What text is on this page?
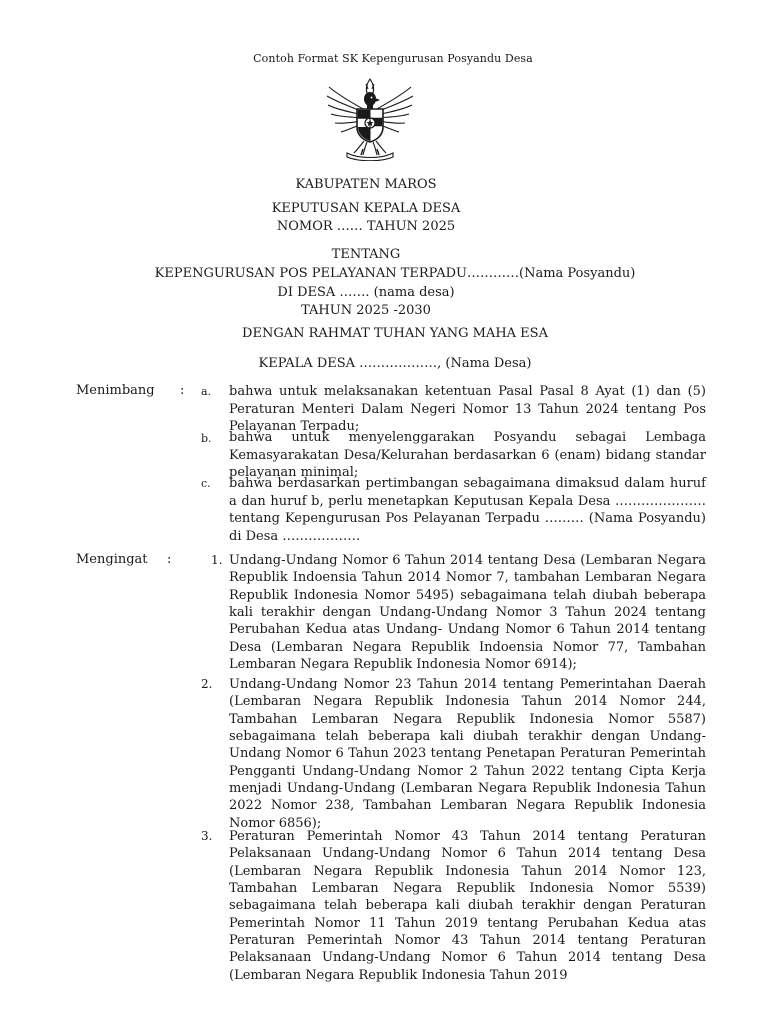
Contoh Format SK Kepengurusan Posyandu Desa
KABUPATEN MAROS
KEPUTUSAN KEPALA DESA
NOMOR …… TAHUN 2025
TENTANG
KEPENGURUSAN POS PELAYANAN TERPADU…………(Nama Posyandu)
DI DESA ……. (nama desa)
TAHUN 2025 -2030
DENGAN RAHMAT TUHAN YANG MAHA ESA
KEPALA DESA ………………, (Nama Desa)
Menimbang : a. bahwa untuk melaksanakan ketentuan Pasal Pasal 8 Ayat (1) dan (5) Peraturan Menteri Dalam Negeri Nomor 13 Tahun 2024 tentang Pos Pelayanan Terpadu;
b. bahwa untuk menyelenggarakan Posyandu sebagai Lembaga Kemasyarakatan Desa/Kelurahan berdasarkan 6 (enam) bidang standar pelayanan minimal;
c. bahwa berdasarkan pertimbangan sebagaimana dimaksud dalam huruf a dan huruf b, perlu menetapkan Keputusan Kepala Desa ………………… tentang Kepengurusan Pos Pelayanan Terpadu ……… (Nama Posyandu) di Desa ………………
Mengingat :	1. Undang-Undang Nomor 6 Tahun 2014 tentang Desa (Lembaran Negara Republik Indoensia Tahun 2014 Nomor 7, tambahan Lembaran Negara Republik Indonesia Nomor 5495) sebagaimana telah diubah beberapa kali terakhir dengan Undang-Undang Nomor 3 Tahun 2024 tentang Perubahan Kedua atas Undang- Undang Nomor 6 Tahun 2014 tentang Desa (Lembaran Negara Republik Indoensia Nomor 77, Tambahan Lembaran Negara Republik Indonesia Nomor 6914);
2. Undang-Undang Nomor 23 Tahun 2014 tentang Pemerintahan Daerah (Lembaran Negara Republik Indonesia Tahun 2014 Nomor 244, Tambahan Lembaran Negara Republik Indonesia Nomor 5587) sebagaimana telah beberapa kali diubah terakhir dengan Undang-Undang Nomor 6 Tahun 2023 tentang Penetapan Peraturan Pemerintah Pengganti Undang-Undang Nomor 2 Tahun 2022 tentang Cipta Kerja menjadi Undang-Undang (Lembaran Negara Republik Indonesia Tahun 2022 Nomor 238, Tambahan Lembaran Negara Republik Indonesia Nomor 6856);
3. Peraturan Pemerintah Nomor 43 Tahun 2014 tentang Peraturan Pelaksanaan Undang-Undang Nomor 6 Tahun 2014 tentang Desa (Lembaran Negara Republik Indonesia Tahun 2014 Nomor 123, Tambahan Lembaran Negara Republik Indonesia Nomor 5539) sebagaimana telah beberapa kali diubah terakhir dengan Peraturan Pemerintah Nomor 11 Tahun 2019 tentang Perubahan Kedua atas Peraturan Pemerintah Nomor 43 Tahun 2014 tentang Peraturan Pelaksanaan Undang-Undang Nomor 6 Tahun 2014 tentang Desa (Lembaran Negara Republik Indonesia Tahun 2019
